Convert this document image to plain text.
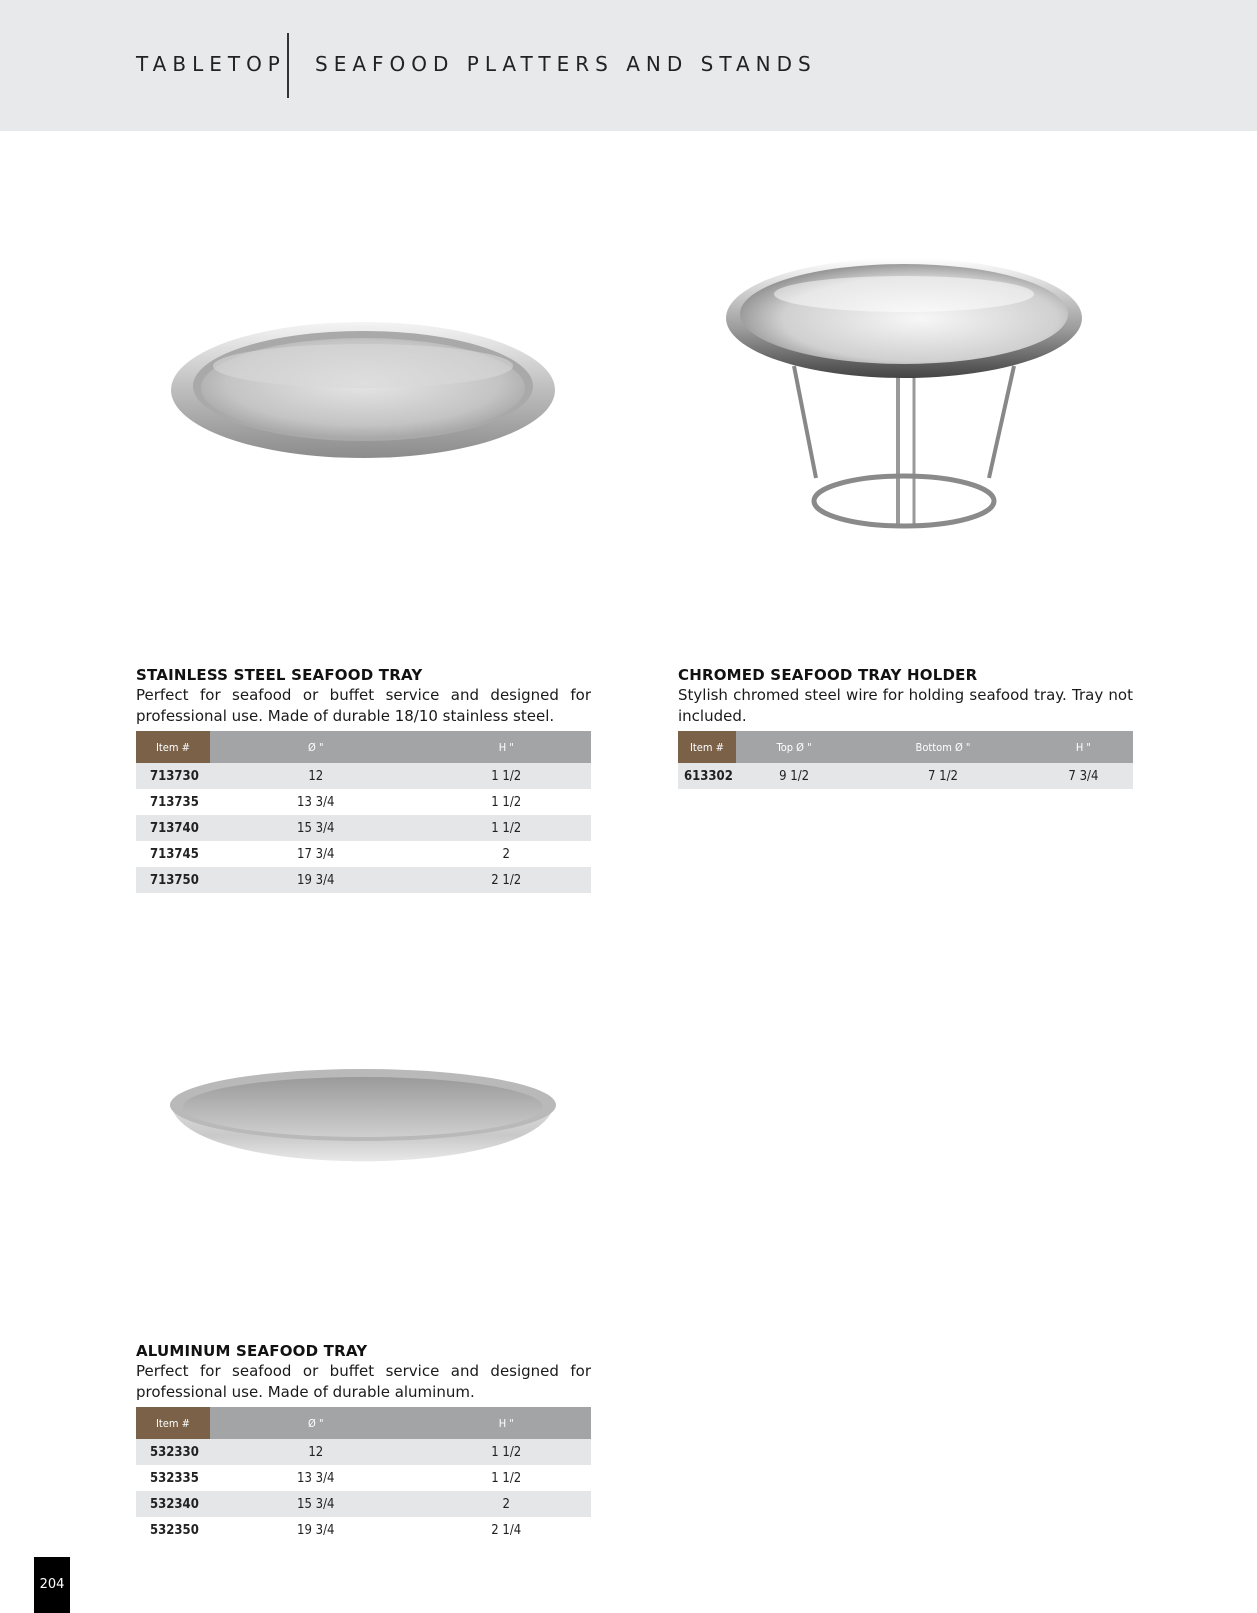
TABLETOP SEAFOOD PLATTERS AND STANDS
STAINLESS STEEL SEAFOOD TRAY

Perfect for seafood or buffet service and designed for professional use. Made of durable 18/10 stainless steel.

Item #	Ø "	H "
713730	12	1 1/2
713735	13 3/4	1 1/2
713740	15 3/4	1 1/2
713745	17 3/4	2
713750	19 3/4	2 1/2
CHROMED SEAFOOD TRAY HOLDER

Stylish chromed steel wire for holding seafood tray. Tray not included.

Item #	Top Ø "	Bottom Ø "	H "
613302	9 1/2	7 1/2	7 3/4
ALUMINUM SEAFOOD TRAY

Perfect for seafood or buffet service and designed for professional use. Made of durable aluminum.

Item #	Ø "	H "
532330	12	1 1/2
532335	13 3/4	1 1/2
532340	15 3/4	2
532350	19 3/4	2 1/4
204
